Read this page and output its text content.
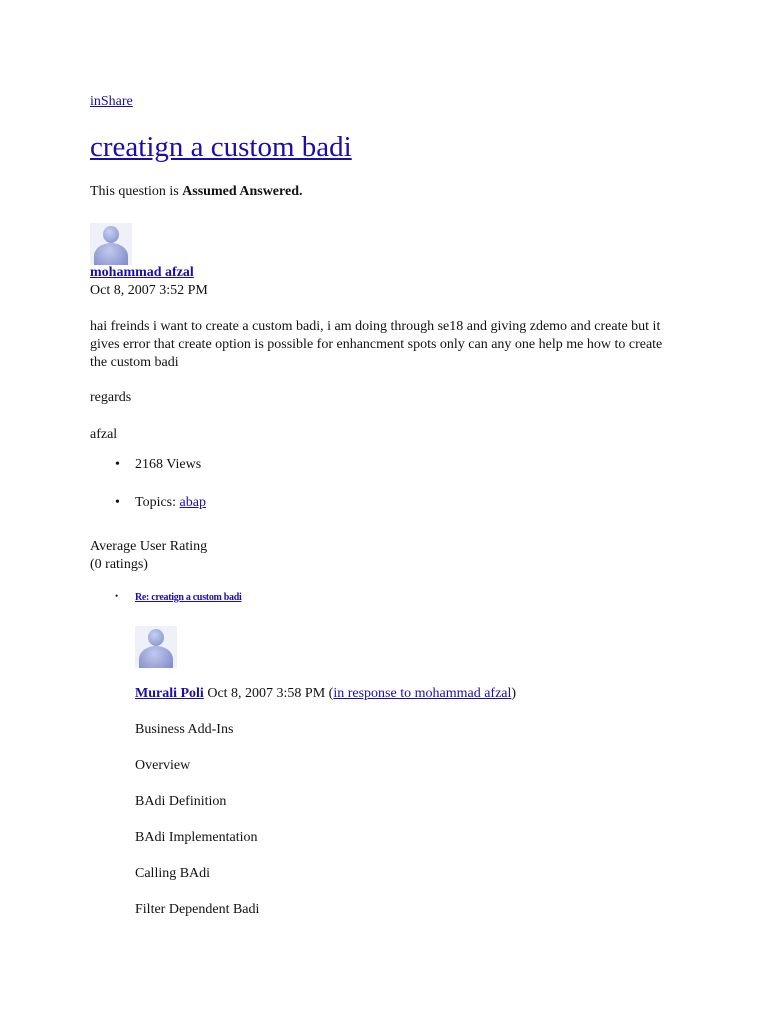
inShare
creatign a custom badi
This question is Assumed Answered.
mohammad afzal
Oct 8, 2007 3:52 PM
hai freinds i want to create a custom badi, i am doing through se18 and giving zdemo and create but it gives error that create option is possible for enhancment spots only can any one help me how to create the custom badi
regards
afzal
• 2168 Views
• Topics: abap
Average User Rating
(0 ratings)
• Re: creatign a custom badi
Murali Poli Oct 8, 2007 3:58 PM (in response to mohammad afzal)

Business Add-Ins

Overview

BAdi Definition

BAdi Implementation

Calling BAdi

Filter Dependent Badi
